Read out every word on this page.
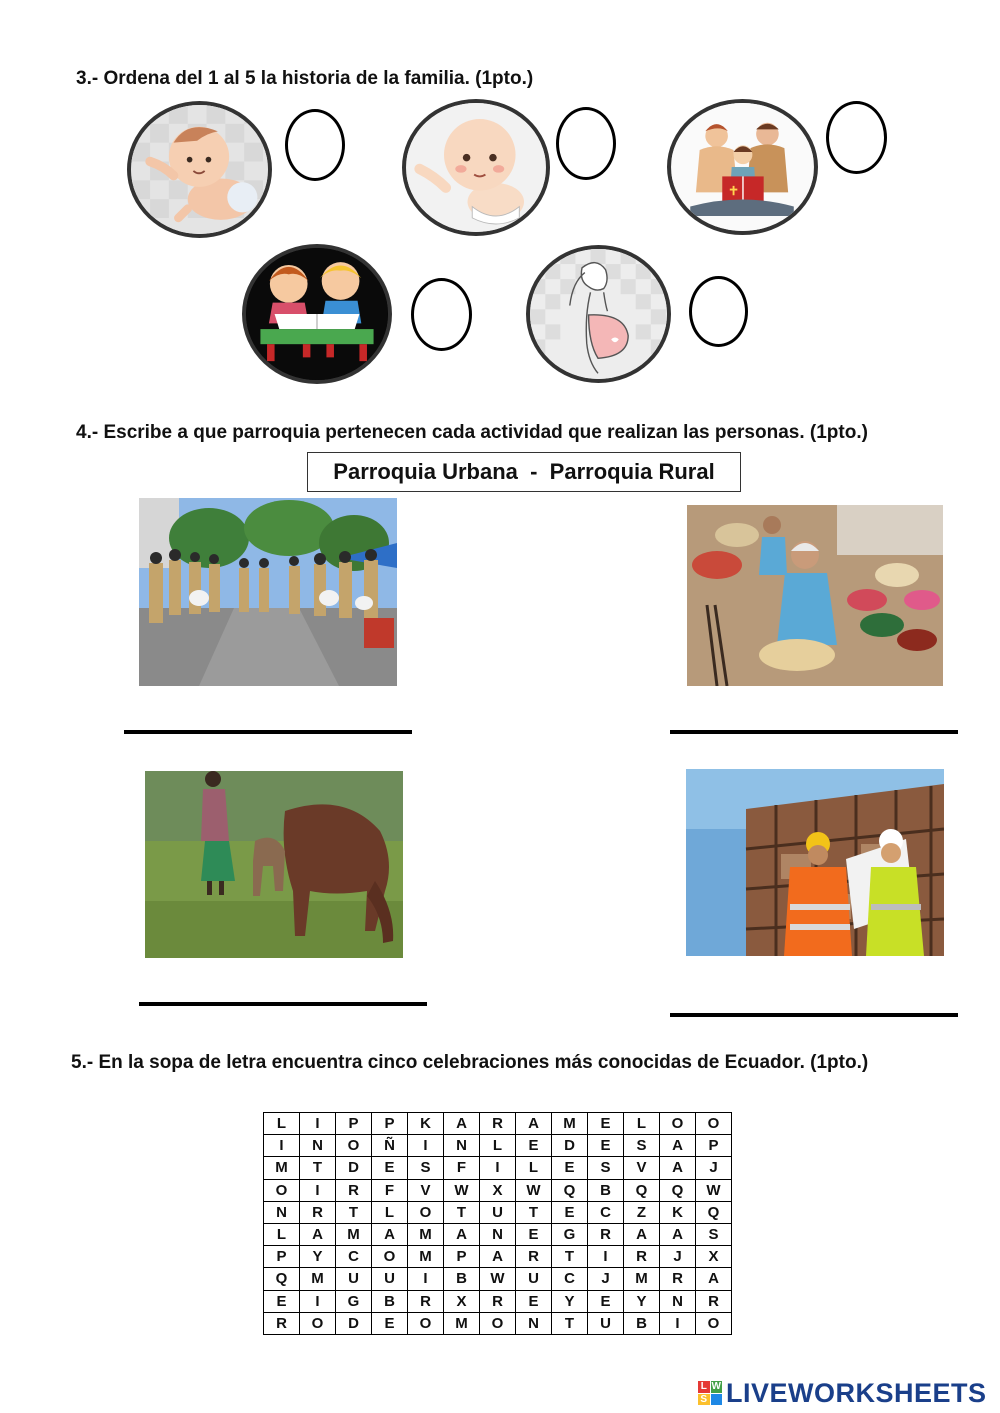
3.- Ordena del 1 al 5 la historia de la familia. (1pto.)
4.- Escribe a que parroquia pertenecen cada actividad que realizan las personas. (1pto.)
Parroquia Urbana  -  Parroquia Rural
5.- En la sopa de letra encuentra cinco celebraciones más conocidas de Ecuador. (1pto.)
L	I	P	P	K	A	R	A	M	E	L	O	O
I	N	O	Ñ	I	N	L	E	D	E	S	A	P
M	T	D	E	S	F	I	L	E	S	V	A	J
O	I	R	F	V	W	X	W	Q	B	Q	Q	W
N	R	T	L	O	T	U	T	E	C	Z	K	Q
L	A	M	A	M	A	N	E	G	R	A	A	S
P	Y	C	O	M	P	A	R	T	I	R	J	X
Q	M	U	U	I	B	W	U	C	J	M	R	A
E	I	G	B	R	X	R	E	Y	E	Y	N	R
R	O	D	E	O	M	O	N	T	U	B	I	O
L W
S LIVEWORKSHEETS
